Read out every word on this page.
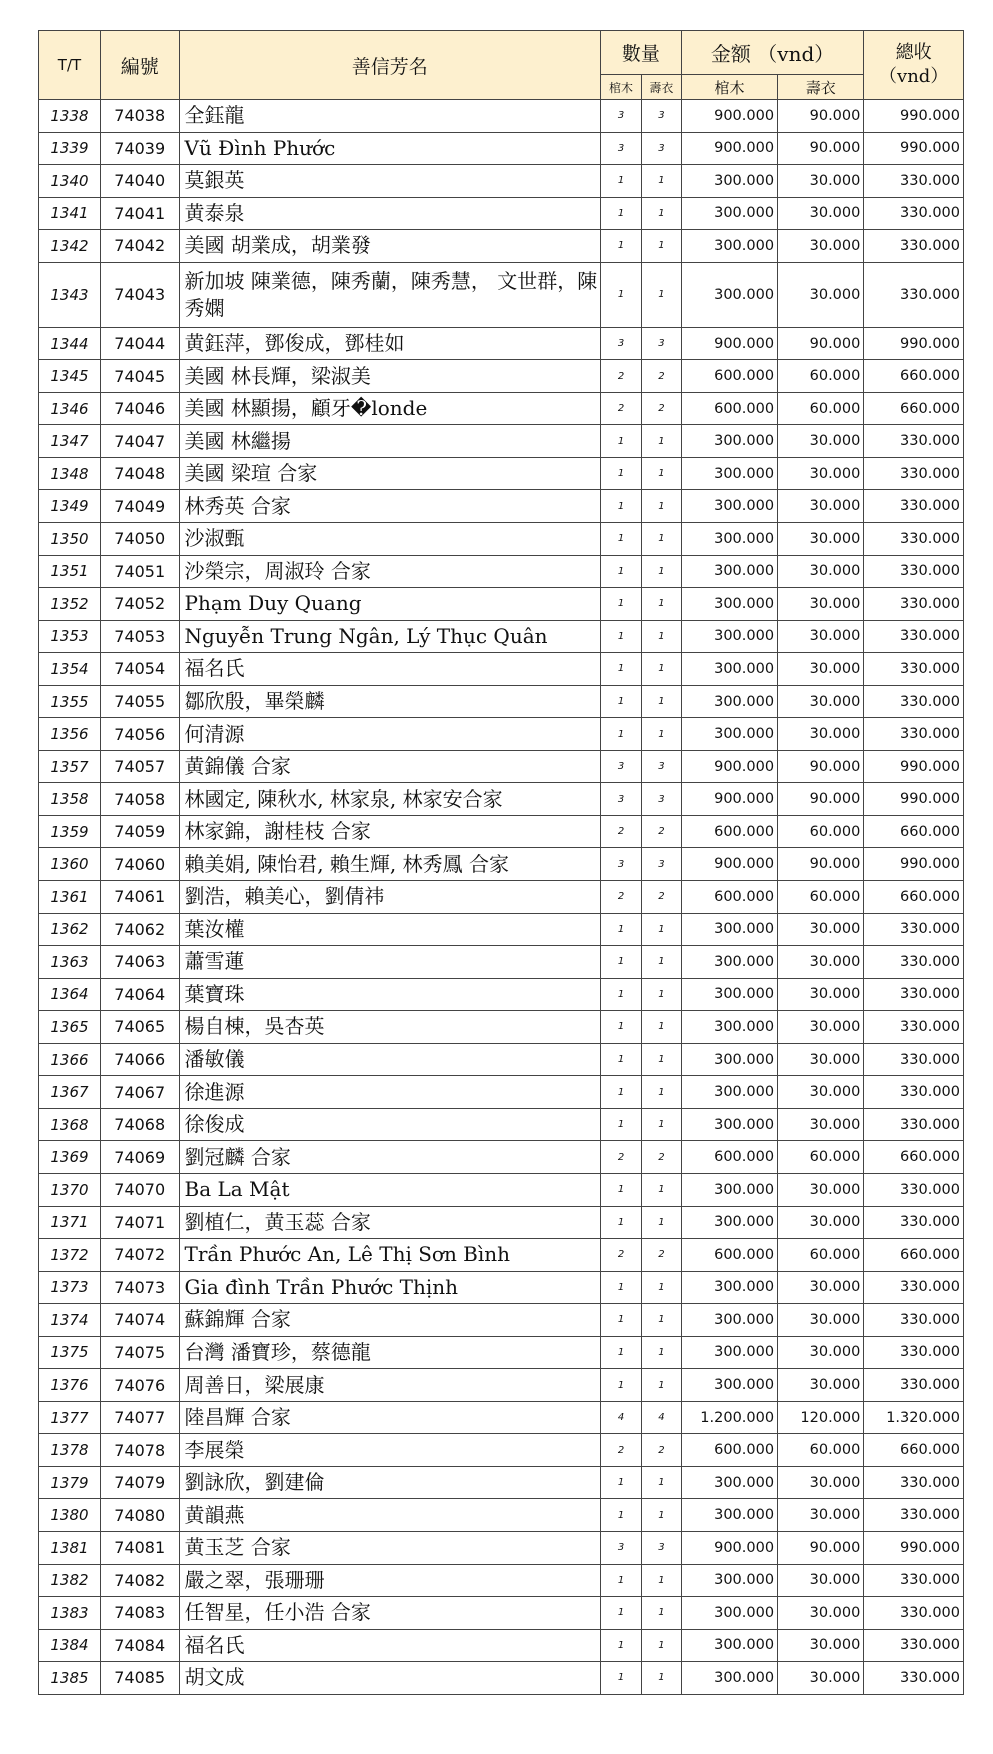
T/T	編號	善信芳名	數量		金额 （vnd）		總收
（vnd）
			棺木	壽衣	棺木	壽衣	
1338	74038	全鈺龍	3	3	900.000	90.000	990.000
1339	74039	Vũ Đình Phước	3	3	900.000	90.000	990.000
1340	74040	莫銀英	1	1	300.000	30.000	330.000
1341	74041	黄泰泉	1	1	300.000	30.000	330.000
1342	74042	美國 胡業成，胡業發	1	1	300.000	30.000	330.000
1343	74043	新加坡 陳業德，陳秀蘭，陳秀慧， 文世群，陳秀嫻	1	1	300.000	30.000	330.000
1344	74044	黄鈺萍，鄧俊成，鄧桂如	3	3	900.000	90.000	990.000
1345	74045	美國 林長輝，梁淑美	2	2	600.000	60.000	660.000
1346	74046	美國 林顯揚，顧牙�londe	2	2	600.000	60.000	660.000
1347	74047	美國 林繼揚	1	1	300.000	30.000	330.000
1348	74048	美國 梁瑄 合家	1	1	300.000	30.000	330.000
1349	74049	林秀英 合家	1	1	300.000	30.000	330.000
1350	74050	沙淑甄	1	1	300.000	30.000	330.000
1351	74051	沙榮宗，周淑玲 合家	1	1	300.000	30.000	330.000
1352	74052	Phạm Duy Quang	1	1	300.000	30.000	330.000
1353	74053	Nguyễn Trung Ngân, Lý Thục Quân	1	1	300.000	30.000	330.000
1354	74054	福名氏	1	1	300.000	30.000	330.000
1355	74055	鄒欣殷，畢榮麟	1	1	300.000	30.000	330.000
1356	74056	何清源	1	1	300.000	30.000	330.000
1357	74057	黄錦儀 合家	3	3	900.000	90.000	990.000
1358	74058	林國定, 陳秋水, 林家泉, 林家安合家	3	3	900.000	90.000	990.000
1359	74059	林家錦，謝桂枝 合家	2	2	600.000	60.000	660.000
1360	74060	賴美娟, 陳怡君, 賴生輝, 林秀鳳 合家	3	3	900.000	90.000	990.000
1361	74061	劉浩，賴美心，劉倩祎	2	2	600.000	60.000	660.000
1362	74062	葉汝權	1	1	300.000	30.000	330.000
1363	74063	蕭雪蓮	1	1	300.000	30.000	330.000
1364	74064	葉寶珠	1	1	300.000	30.000	330.000
1365	74065	楊自棟，吳杏英	1	1	300.000	30.000	330.000
1366	74066	潘敏儀	1	1	300.000	30.000	330.000
1367	74067	徐進源	1	1	300.000	30.000	330.000
1368	74068	徐俊成	1	1	300.000	30.000	330.000
1369	74069	劉冠麟 合家	2	2	600.000	60.000	660.000
1370	74070	Ba La Mật	1	1	300.000	30.000	330.000
1371	74071	劉植仁，黄玉蕊 合家	1	1	300.000	30.000	330.000
1372	74072	Trần Phước An, Lê Thị Sơn Bình	2	2	600.000	60.000	660.000
1373	74073	Gia đình Trần Phước Thịnh	1	1	300.000	30.000	330.000
1374	74074	蘇錦輝 合家	1	1	300.000	30.000	330.000
1375	74075	台灣 潘寶珍，蔡德龍	1	1	300.000	30.000	330.000
1376	74076	周善日，梁展康	1	1	300.000	30.000	330.000
1377	74077	陸昌輝 合家	4	4	1.200.000	120.000	1.320.000
1378	74078	李展榮	2	2	600.000	60.000	660.000
1379	74079	劉詠欣，劉建倫	1	1	300.000	30.000	330.000
1380	74080	黄韻燕	1	1	300.000	30.000	330.000
1381	74081	黄玉芝 合家	3	3	900.000	90.000	990.000
1382	74082	嚴之翠，張珊珊	1	1	300.000	30.000	330.000
1383	74083	任智星，任小浩 合家	1	1	300.000	30.000	330.000
1384	74084	福名氏	1	1	300.000	30.000	330.000
1385	74085	胡文成	1	1	300.000	30.000	330.000
